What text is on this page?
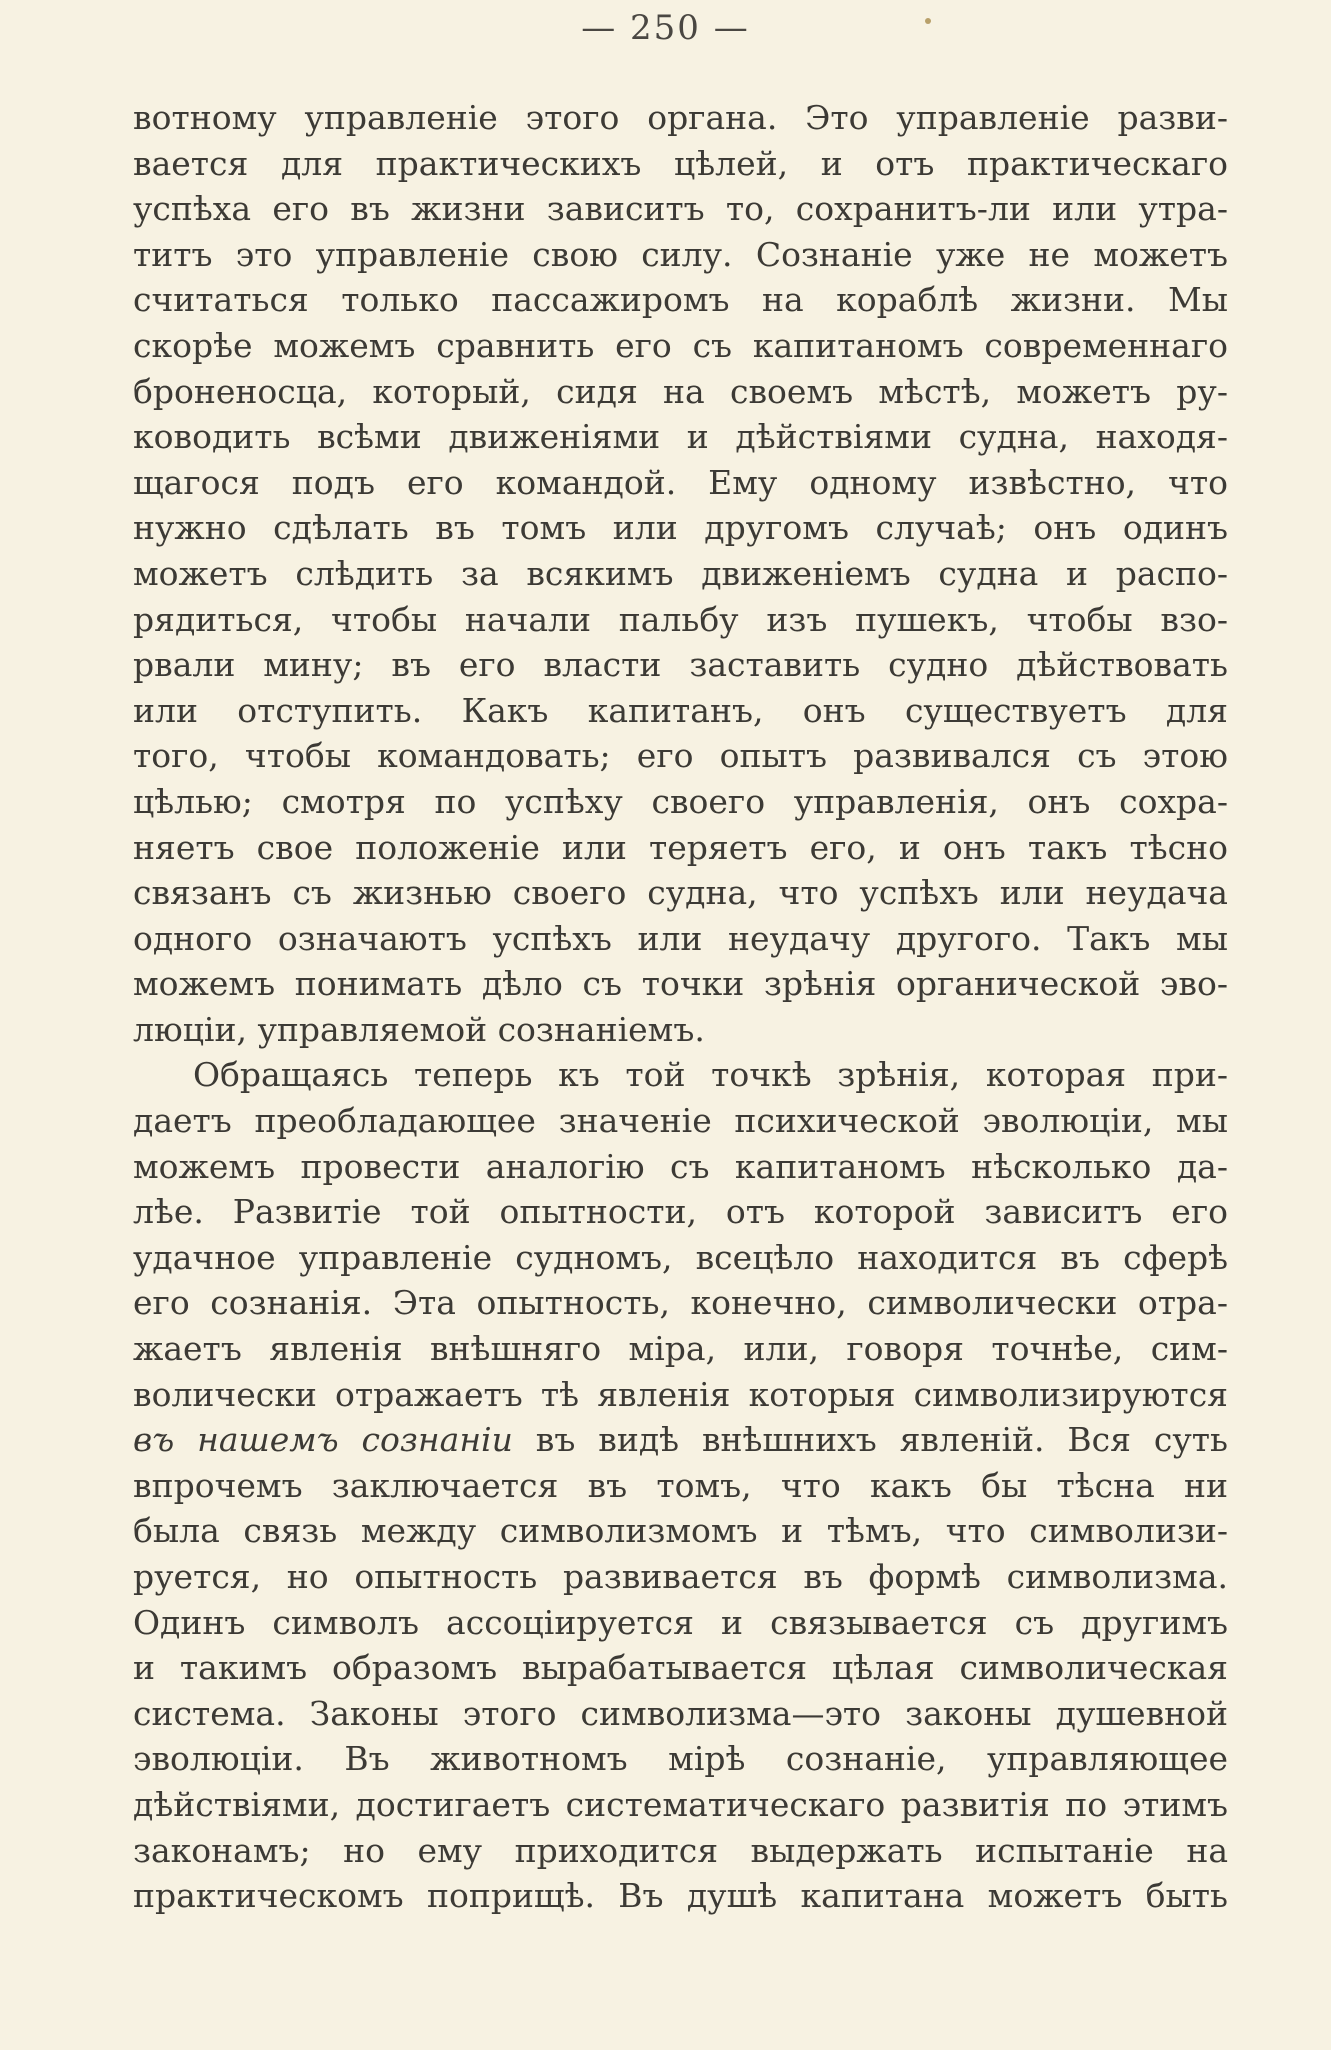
— 250 —
вотному управленіе этого органа. Это управленіе разви-
вается для практическихъ цѣлей, и отъ практическаго
успѣха его въ жизни зависитъ то, сохранитъ-ли или утра-
титъ это управленіе свою силу. Сознаніе уже не можетъ
считаться только пассажиромъ на кораблѣ жизни. Мы
скорѣе можемъ сравнить его съ капитаномъ современнаго
броненосца, который, сидя на своемъ мѣстѣ, можетъ ру-
ководить всѣми движеніями и дѣйствіями судна, находя-
щагося подъ его командой. Ему одному извѣстно, что
нужно сдѣлать въ томъ или другомъ случаѣ; онъ одинъ
можетъ слѣдить за всякимъ движеніемъ судна и распо-
рядиться, чтобы начали пальбу изъ пушекъ, чтобы взо-
рвали мину; въ его власти заставить судно дѣйствовать
или отступить. Какъ капитанъ, онъ существуетъ для
того, чтобы командовать; его опытъ развивался съ этою
цѣлью; смотря по успѣху своего управленія, онъ сохра-
няетъ свое положеніе или теряетъ его, и онъ такъ тѣсно
связанъ съ жизнью своего судна, что успѣхъ или неудача
одного означаютъ успѣхъ или неудачу другого. Такъ мы
можемъ понимать дѣло съ точки зрѣнія органической эво-
люціи, управляемой сознаніемъ.
Обращаясь теперь къ той точкѣ зрѣнія, которая при-
даетъ преобладающее значеніе психической эволюціи, мы
можемъ провести аналогію съ капитаномъ нѣсколько да-
лѣе. Развитіе той опытности, отъ которой зависитъ его
удачное управленіе судномъ, всецѣло находится въ сферѣ
его сознанія. Эта опытность, конечно, символически отра-
жаетъ явленія внѣшняго міра, или, говоря точнѣе, сим-
волически отражаетъ тѣ явленія которыя символизируются
въ нашемъ сознаніи въ видѣ внѣшнихъ явленій. Вся суть
впрочемъ заключается въ томъ, что какъ бы тѣсна ни
была связь между символизмомъ и тѣмъ, что символизи-
руется, но опытность развивается въ формѣ символизма.
Одинъ символъ ассоціируется и связывается съ другимъ
и такимъ образомъ вырабатывается цѣлая символическая
система. Законы этого символизма—это законы душевной
эволюціи. Въ животномъ мірѣ сознаніе, управляющее
дѣйствіями, достигаетъ систематическаго развитія по этимъ
законамъ; но ему приходится выдержать испытаніе на
практическомъ поприщѣ. Въ душѣ капитана можетъ быть
